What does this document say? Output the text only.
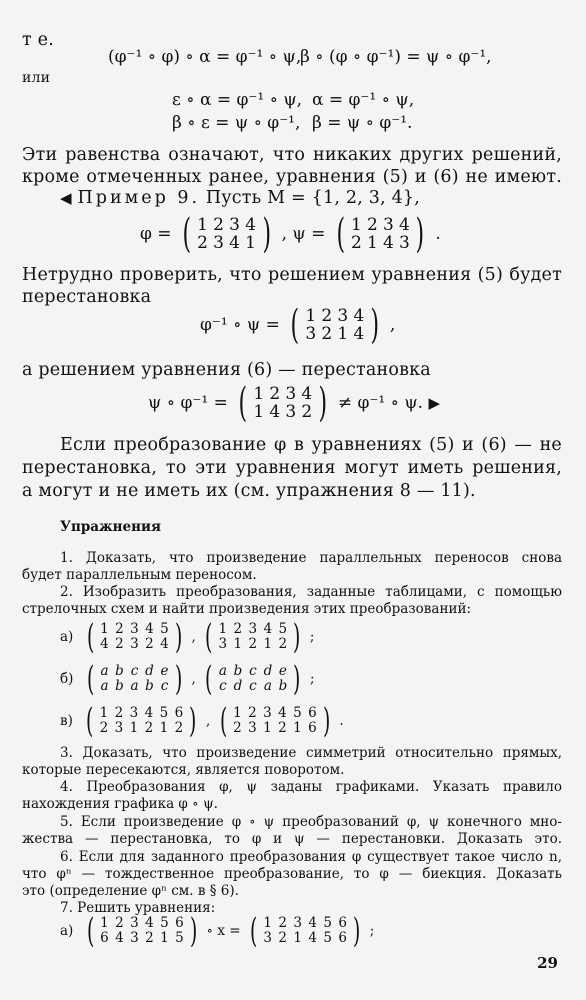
т е.
(φ⁻¹ ∘ φ) ∘ α = φ⁻¹ ∘ ψ,
β ∘ (φ ∘ φ⁻¹) = ψ ∘ φ⁻¹,
или
ε ∘ α = φ⁻¹ ∘ ψ, α = φ⁻¹ ∘ ψ,
β ∘ ε = ψ ∘ φ⁻¹, β = ψ ∘ φ⁻¹.
Эти равенства означают, что никаких других решений,
кроме отмеченных ранее, уравнения (5) и (6) не имеют.
◀ Пример 9. Пусть M = {1, 2, 3, 4},
φ = ( 1 2 3 4
2 3 4 1 ) , ψ = ( 1 2 3 4
2 1 4 3 ) .
Нетрудно проверить, что решением уравнения (5) будет
перестановка
φ⁻¹ ∘ ψ = ( 1 2 3 4
3 2 1 4 ) ,
а решением уравнения (6) — перестановка
ψ ∘ φ⁻¹ = ( 1 2 3 4
1 4 3 2 ) ≠ φ⁻¹ ∘ ψ. ▶
Если преобразование φ в уравнениях (5) и (6) — не
перестановка, то эти уравнения могут иметь решения,
а могут и не иметь их (см. упражнения 8 — 11).
Упражнения
1. Доказать, что произведение параллельных переносов снова
будет параллельным переносом.
2. Изобразить преобразования, заданные таблицами, с помощью
стрелочных схем и найти произведения этих преобразований:
а) ( 1 2 3 4 5
4 2 3 2 4 ) , ( 1 2 3 4 5
3 1 2 1 2 ) ;
б) ( a b c d e
a b a b c ) , ( a b c d e
c d c a b ) ;
в) ( 1 2 3 4 5 6
2 3 1 2 1 2 ) , ( 1 2 3 4 5 6
2 3 1 2 1 6 ) .
3. Доказать, что произведение симметрий относительно прямых,
которые пересекаются, является поворотом.
4. Преобразования φ, ψ заданы графиками. Указать правило
нахождения графика φ ∘ ψ.
5. Если произведение φ ∘ ψ преобразований φ, ψ конечного мно-
жества — перестановка, то φ и ψ — перестановки. Доказать это.
6. Если для заданного преобразования φ существует такое число n,
что φⁿ — тождественное преобразование, то φ — биекция. Доказать
это (определение φⁿ см. в § 6).
7. Решить уравнения:
а) ( 1 2 3 4 5 6
6 4 3 2 1 5 ) ∘ x = ( 1 2 3 4 5 6
3 2 1 4 5 6 ) ;
29
